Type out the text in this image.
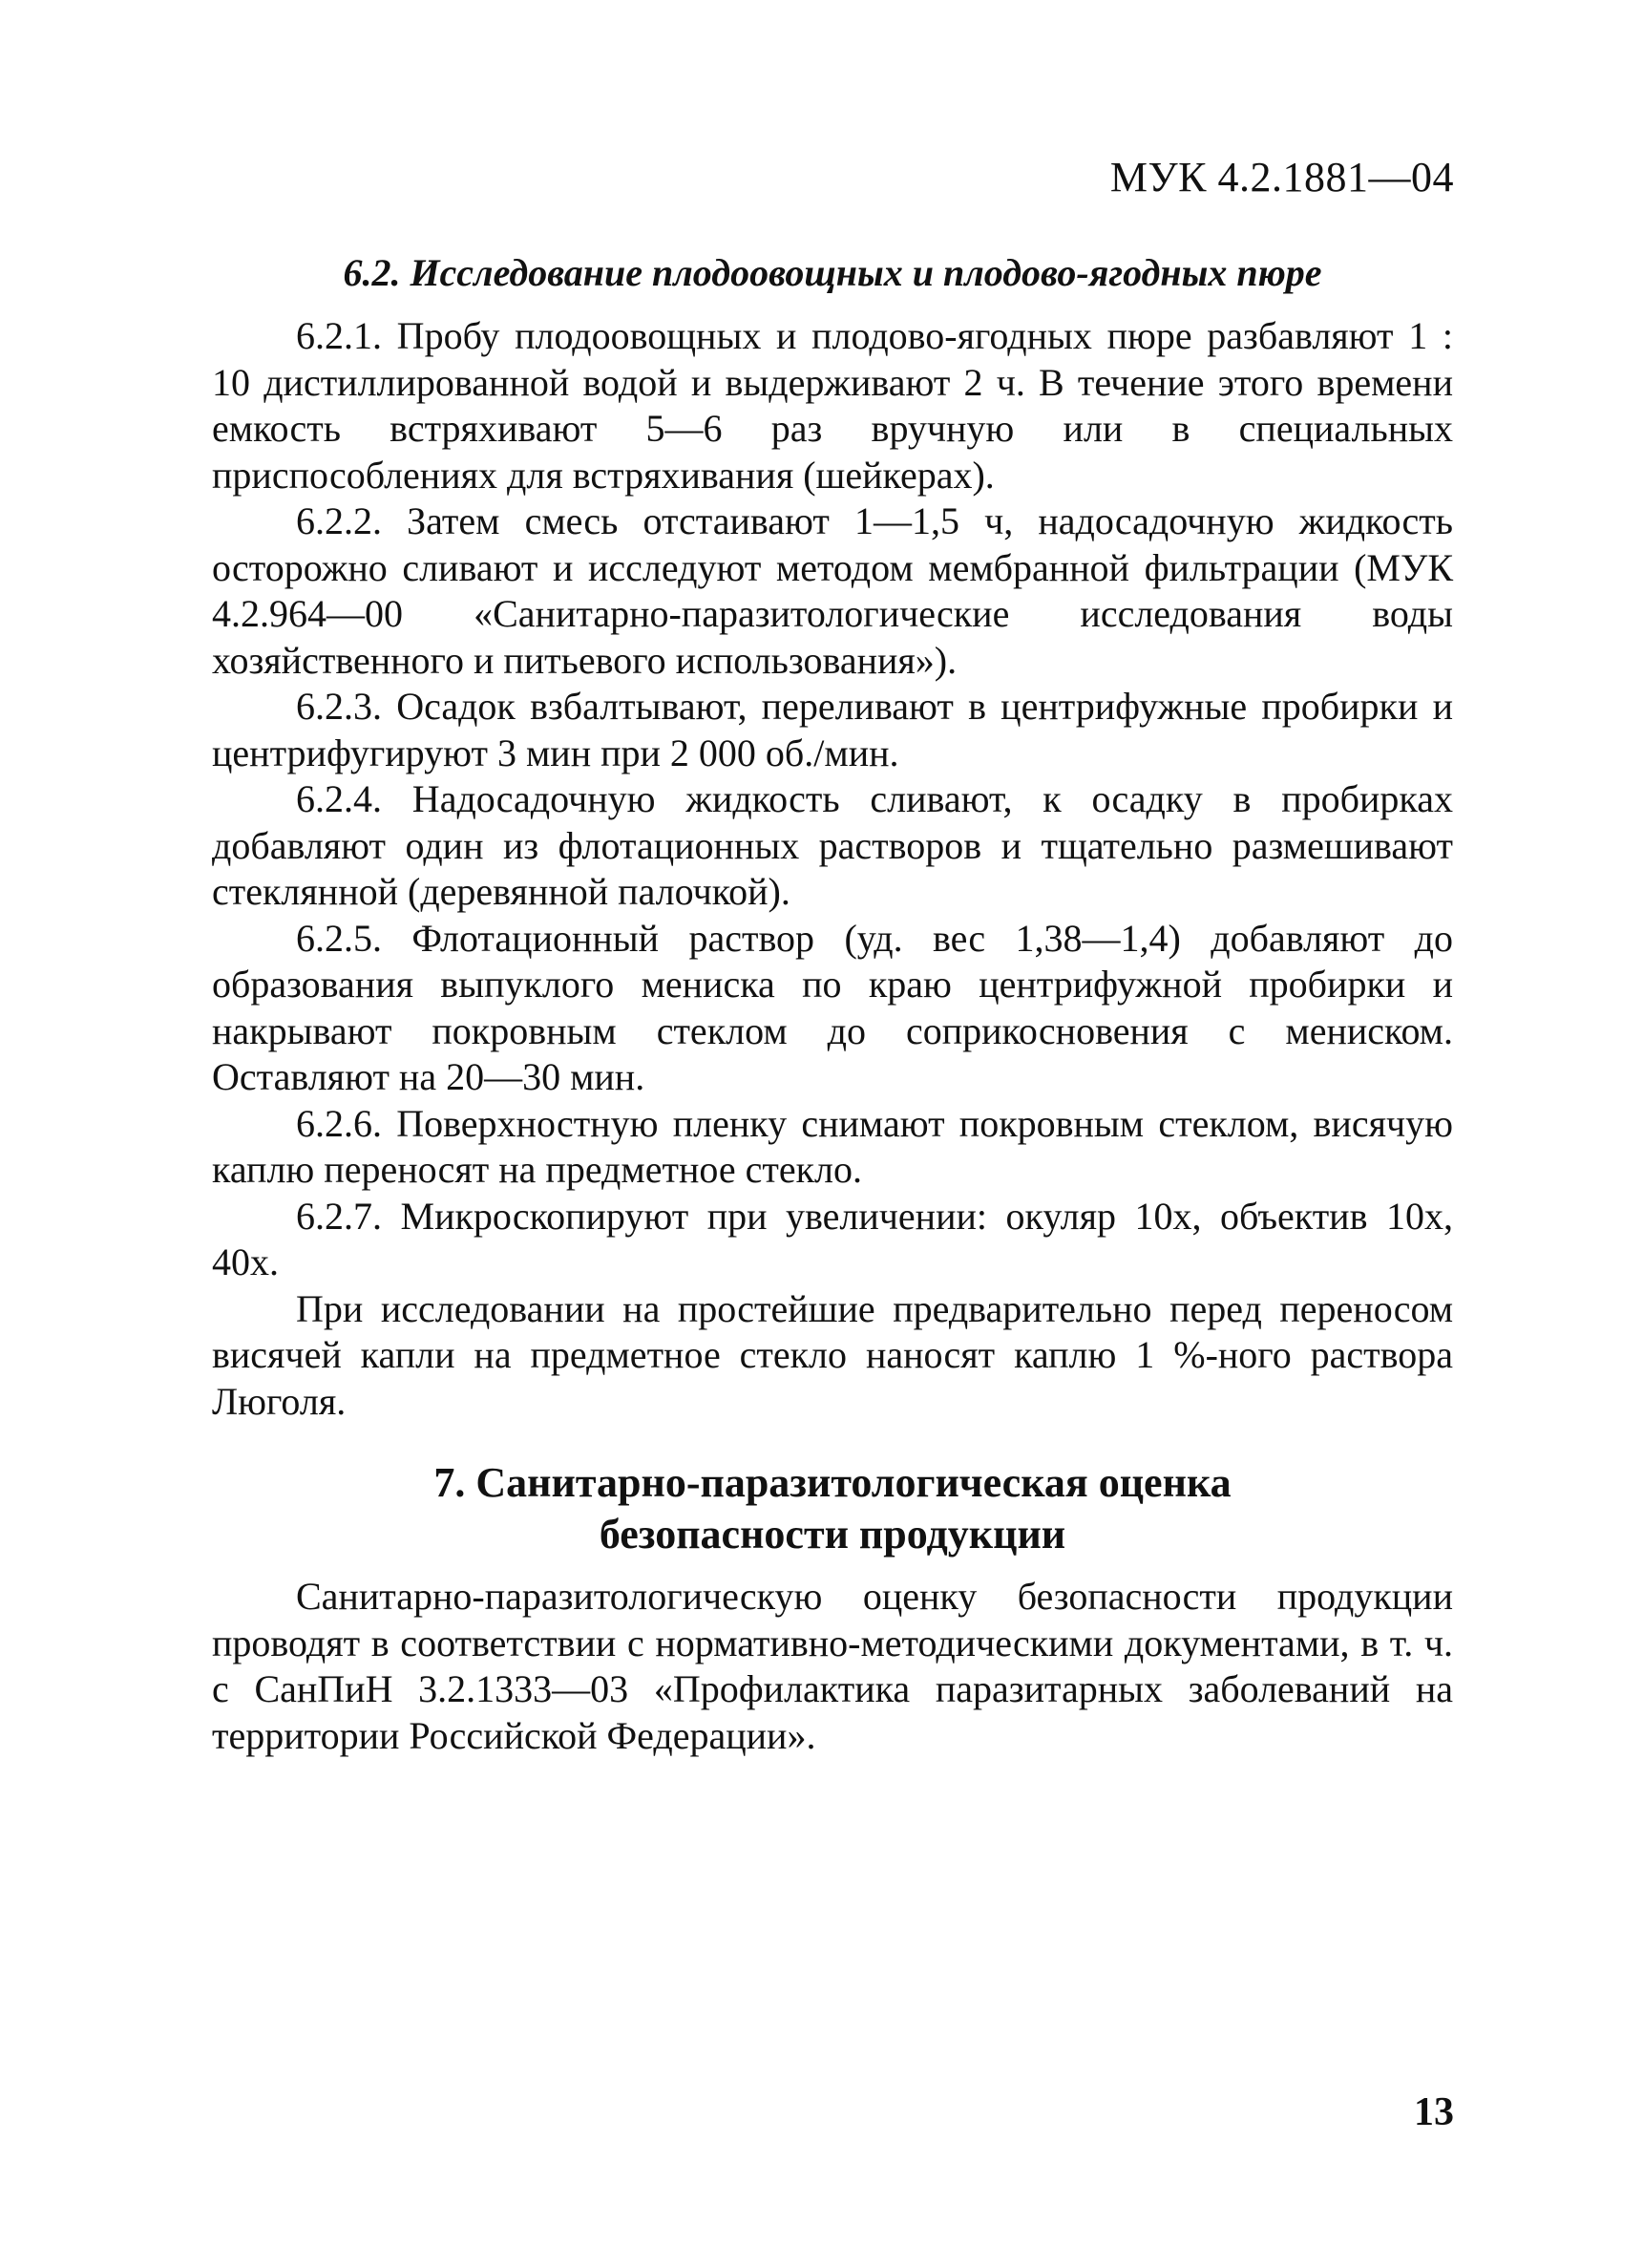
МУК 4.2.1881—04
6.2. Исследование плодоовощных и плодово-ягодных пюре

6.2.1. Пробу плодоовощных и плодово-ягодных пюре разбавляют 1 : 10 дистиллированной водой и выдерживают 2 ч. В течение этого времени емкость встряхивают 5—6 раз вручную или в специальных приспособлениях для встряхивания (шейкерах).

6.2.2. Затем смесь отстаивают 1—1,5 ч, надосадочную жидкость осторожно сливают и исследуют методом мембранной фильтрации (МУК 4.2.964—00 «Санитарно-паразитологические исследования воды хозяйственного и питьевого использования»).

6.2.3. Осадок взбалтывают, переливают в центрифужные пробирки и центрифугируют 3 мин при 2 000 об./мин.

6.2.4. Надосадочную жидкость сливают, к осадку в пробирках добавляют один из флотационных растворов и тщательно размешивают стеклянной (деревянной палочкой).

6.2.5. Флотационный раствор (уд. вес 1,38—1,4) добавляют до образования выпуклого мениска по краю центрифужной пробирки и накрывают покровным стеклом до соприкосновения с мениском. Оставляют на 20—30 мин.

6.2.6. Поверхностную пленку снимают покровным стеклом, висячую каплю переносят на предметное стекло.

6.2.7. Микроскопируют при увеличении: окуляр 10х, объектив 10х, 40х.

При исследовании на простейшие предварительно перед переносом висячей капли на предметное стекло наносят каплю 1 %-ного раствора Люголя.

7. Санитарно-паразитологическая оценка
безопасности продукции

Санитарно-паразитологическую оценку безопасности продукции проводят в соответствии с нормативно-методическими документами, в т. ч. с СанПиН 3.2.1333—03 «Профилактика паразитарных заболеваний на территории Российской Федерации».

13
